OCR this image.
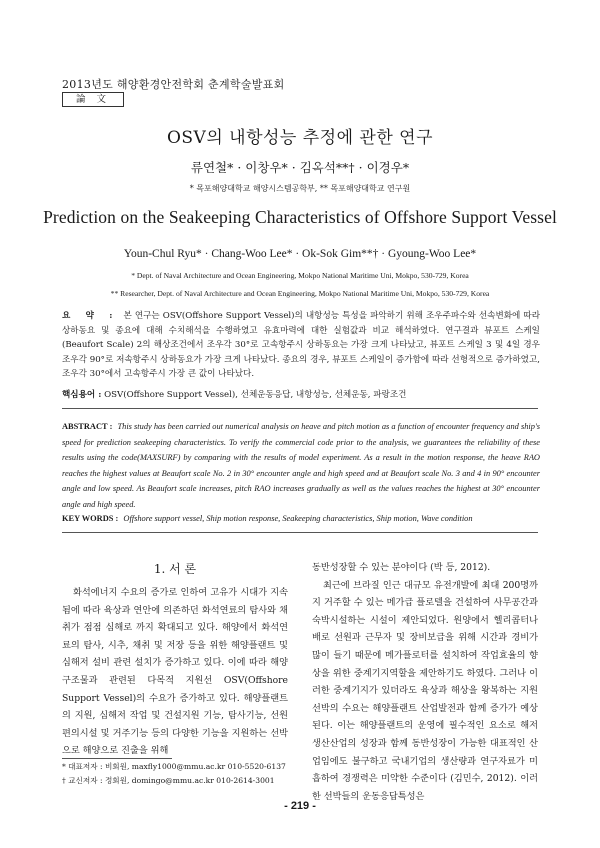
2013년도 해양환경안전학회 춘계학술발표회
論 文
OSV의 내항성능 추정에 관한 연구
류연철* · 이창우* · 김옥석**† · 이경우*
* 목포해양대학교 해양시스템공학부, ** 목포해양대학교 연구원
Prediction on the Seakeeping Characteristics of Offshore Support Vessel
Youn-Chul Ryu* · Chang-Woo Lee* · Ok-Sok Gim**† · Gyoung-Woo Lee*
* Dept. of Naval Architecture and Ocean Engineering, Mokpo National Maritime Uni, Mokpo, 530-729, Korea
** Researcher, Dept. of Naval Architecture and Ocean Engineering, Mokpo National Maritime Uni, Mokpo, 530-729, Korea
요 약 : 본 연구는 OSV(Offshore Support Vessel)의 내항성능 특성을 파악하기 위해 조우주파수와 선속변화에 따라 상하동요 및 종요에 대해 수치해석을 수행하였고 유효마력에 대한 실험값과 비교 해석하였다. 연구결과 뷰포트 스케일(Beaufort Scale) 2의 해상조건에서 조우각 30°로 고속항주시 상하동요는 가장 크게 나타났고, 뷰포트 스케일 3 및 4일 경우 조우각 90°로 저속항주시 상하동요가 가장 크게 나타났다. 종요의 경우, 뷰포트 스케일이 증가함에 따라 선형적으로 증가하였고, 조우각 30°에서 고속항주시 가장 큰 값이 나타났다.
핵심용어 : OSV(Offshore Support Vessel), 선체운동응답, 내항성능, 선체운동, 파랑조건
ABSTRACT : This study has been carried out numerical analysis on heave and pitch motion as a function of encounter frequency and ship's speed for prediction seakeeping characteristics. To verify the commercial code prior to the analysis, we guarantees the reliability of these results using the code(MAXSURF) by comparing with the results of model experiment. As a result in the motion response, the heave RAO reaches the highest values at Beaufort scale No. 2 in 30° encounter angle and high speed and at Beaufort scale No. 3 and 4 in 90° encounter angle and low speed. As Beaufort scale increases, pitch RAO increases gradually as well as the values reaches the highest at 30° encounter angle and high speed.
KEY WORDS : Offshore support vessel, Ship motion response, Seakeeping characteristics, Ship motion, Wave condition
1. 서 론

화석에너지 수요의 증가로 인하여 고유가 시대가 지속됨에 따라 육상과 연안에 의존하던 화석연료의 탐사와 채취가 점점 심해로 까지 확대되고 있다. 해양에서 화석연료의 탐사, 시추, 채취 및 저장 등을 위한 해양플랜트 및 심해저 설비 관련 설치가 증가하고 있다. 이에 따라 해양구조물과 관련된 다목적 지원선 OSV(Offshore Support Vessel)의 수요가 증가하고 있다. 해양플랜트의 지원, 심해저 작업 및 건설지원 기능, 탐사기능, 선원 편의시설 및 거주기능 등의 다양한 기능을 지원하는 선박으로 해양으로 진출을 위해

동반성장할 수 있는 분야이다 (박 등, 2012).

최근에 브라질 인근 대규모 유전개발에 최대 200명까지 거주할 수 있는 메가급 플로텔을 건설하여 사무공간과 숙박시설하는 시설이 제안되었다. 원양에서 헬리콥터나 배로 선원과 근무자 및 장비보급을 위해 시간과 경비가 많이 들기 때문에 메가플로터를 설치하여 작업효율의 향상을 위한 중계기지역할을 제안하기도 하였다. 그러나 이러한 중계기지가 있더라도 육상과 해상을 왕복하는 지원선박의 수요는 해양플랜트 산업발전과 함께 증가가 예상된다. 이는 해양플랜트의 운영에 필수적인 요소로 해저 생산산업의 성장과 함께 동반성장이 가능한 대표적인 산업임에도 불구하고 국내기업의 생산량과 연구자료가 미흡하여 경쟁력은 미약한 수준이다 (김민수, 2012). 이러한 선박들의 운동응답특성은

* 대표저자 : 비회원, maxfly1000@mmu.ac.kr 010-5520-6137
† 교신저자 : 정회원, domingo@mmu.ac.kr 010-2614-3001
- 219 -
